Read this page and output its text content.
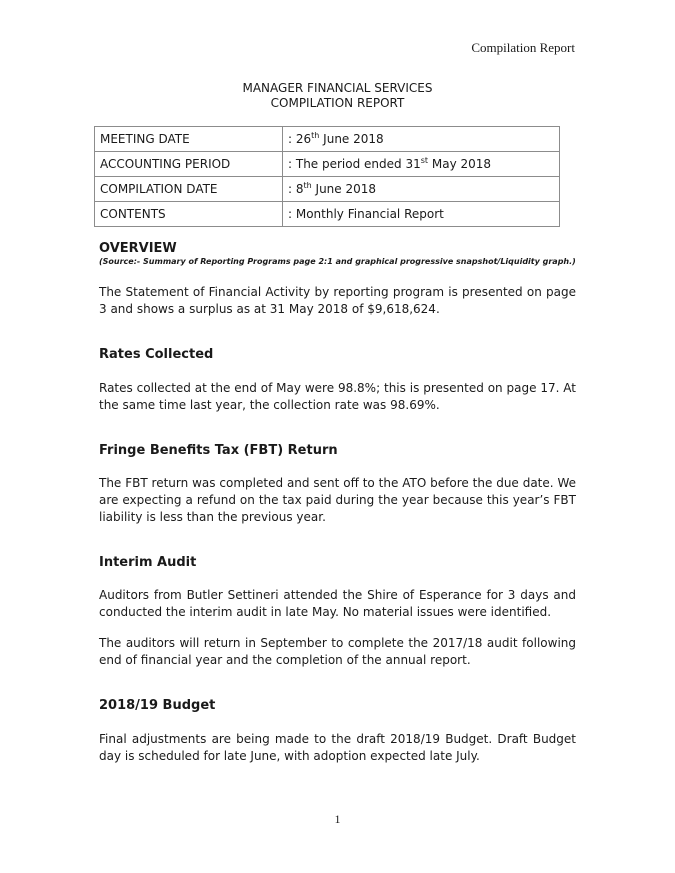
Compilation Report
MANAGER FINANCIAL SERVICES
COMPILATION REPORT
MEETING DATE	: 26th June 2018
ACCOUNTING PERIOD	: The period ended 31st May 2018
COMPILATION DATE	: 8th June 2018
CONTENTS	: Monthly Financial Report
OVERVIEW
(Source:- Summary of Reporting Programs page 2:1 and graphical progressive snapshot/Liquidity graph.)

The Statement of Financial Activity by reporting program is presented on page 3 and shows a surplus as at 31 May 2018 of $9,618,624.

Rates Collected

Rates collected at the end of May were 98.8%; this is presented on page 17. At the same time last year, the collection rate was 98.69%.

Fringe Benefits Tax (FBT) Return

The FBT return was completed and sent off to the ATO before the due date. We are expecting a refund on the tax paid during the year because this year’s FBT liability is less than the previous year.

Interim Audit

Auditors from Butler Settineri attended the Shire of Esperance for 3 days and conducted the interim audit in late May. No material issues were identified.

The auditors will return in September to complete the 2017/18 audit following end of financial year and the completion of the annual report.

2018/19 Budget

Final adjustments are being made to the draft 2018/19 Budget. Draft Budget day is scheduled for late June, with adoption expected late July.

1
